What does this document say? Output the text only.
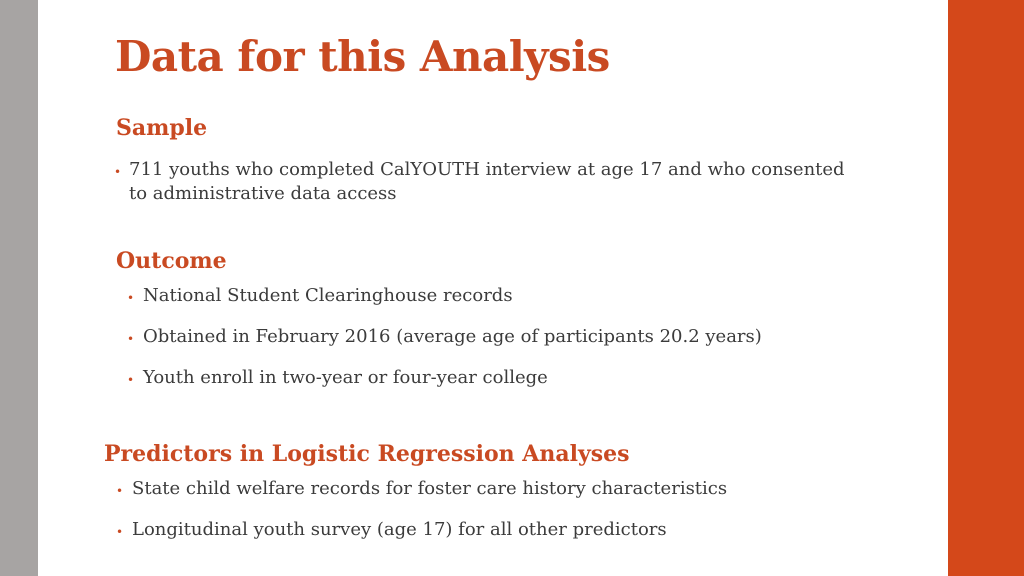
Data for this Analysis
Sample
• 711 youths who completed CalYOUTH interview at age 17 and who consented to administrative data access
Outcome
• National Student Clearinghouse records
• Obtained in February 2016 (average age of participants 20.2 years)
• Youth enroll in two-year or four-year college
Predictors in Logistic Regression Analyses
• State child welfare records for foster care history characteristics
• Longitudinal youth survey (age 17) for all other predictors
